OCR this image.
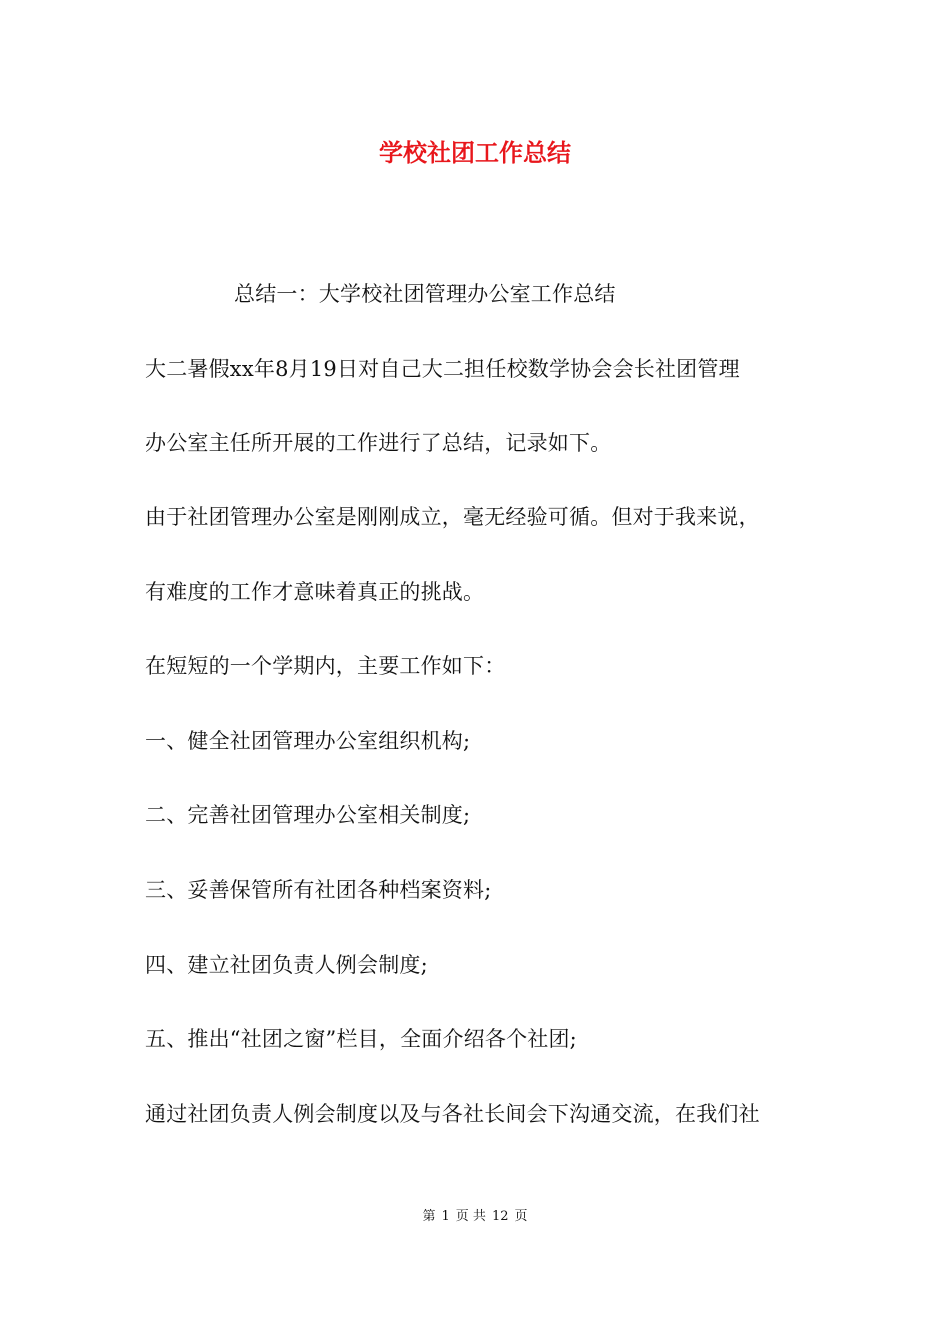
学校社团工作总结
总结一：大学校社团管理办公室工作总结
大二暑假xx年8月19日对自己大二担任校数学协会会长社团管理
办公室主任所开展的工作进行了总结，记录如下。
由于社团管理办公室是刚刚成立，毫无经验可循。但对于我来说，
有难度的工作才意味着真正的挑战。
在短短的一个学期内，主要工作如下：
一、健全社团管理办公室组织机构;
二、完善社团管理办公室相关制度;
三、妥善保管所有社团各种档案资料;
四、建立社团负责人例会制度;
五、推出“社团之窗”栏目，全面介绍各个社团;
通过社团负责人例会制度以及与各社长间会下沟通交流，在我们社
第 1 页 共 12 页
